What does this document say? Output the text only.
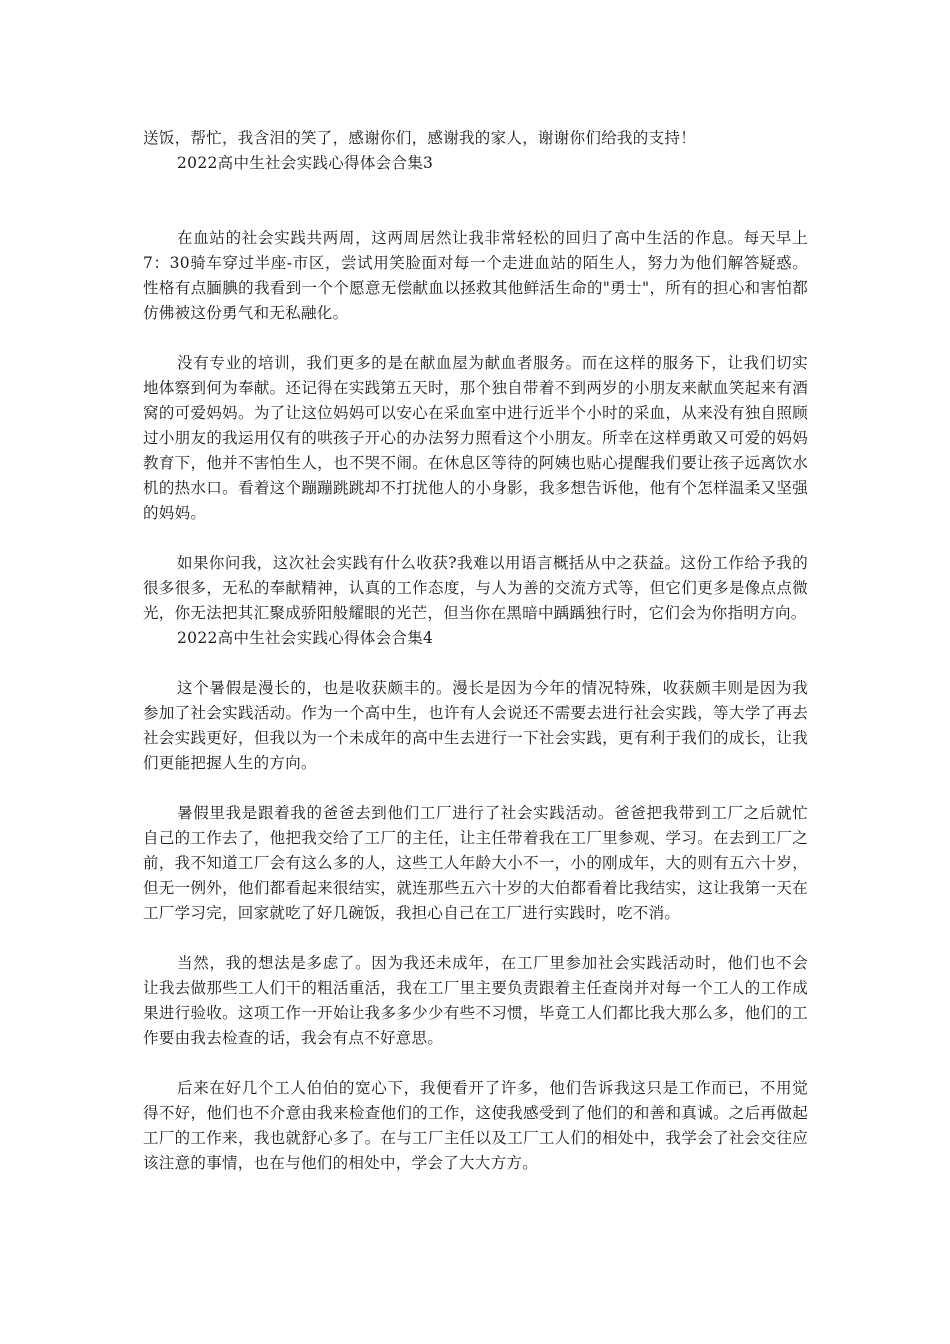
送饭，帮忙，我含泪的笑了，感谢你们，感谢我的家人，谢谢你们给我的支持！

2022高中生社会实践心得体会合集3

在血站的社会实践共两周，这两周居然让我非常轻松的回归了高中生活的作息。每天早上7：30骑车穿过半座-市区，尝试用笑脸面对每一个走进血站的陌生人，努力为他们解答疑惑。性格有点腼腆的我看到一个个愿意无偿献血以拯救其他鲜活生命的"勇士"，所有的担心和害怕都仿佛被这份勇气和无私融化。

没有专业的培训，我们更多的是在献血屋为献血者服务。而在这样的服务下，让我们切实地体察到何为奉献。还记得在实践第五天时，那个独自带着不到两岁的小朋友来献血笑起来有酒窝的可爱妈妈。为了让这位妈妈可以安心在采血室中进行近半个小时的采血，从来没有独自照顾过小朋友的我运用仅有的哄孩子开心的办法努力照看这个小朋友。所幸在这样勇敢又可爱的妈妈教育下，他并不害怕生人，也不哭不闹。在休息区等待的阿姨也贴心提醒我们要让孩子远离饮水机的热水口。看着这个蹦蹦跳跳却不打扰他人的小身影，我多想告诉他，他有个怎样温柔又坚强的妈妈。

如果你问我，这次社会实践有什么收获?我难以用语言概括从中之获益。这份工作给予我的很多很多，无私的奉献精神，认真的工作态度，与人为善的交流方式等，但它们更多是像点点微光，你无法把其汇聚成骄阳般耀眼的光芒，但当你在黑暗中踽踽独行时，它们会为你指明方向。

2022高中生社会实践心得体会合集4

这个暑假是漫长的，也是收获颇丰的。漫长是因为今年的情况特殊，收获颇丰则是因为我参加了社会实践活动。作为一个高中生，也许有人会说还不需要去进行社会实践，等大学了再去社会实践更好，但我以为一个未成年的高中生去进行一下社会实践，更有利于我们的成长，让我们更能把握人生的方向。

暑假里我是跟着我的爸爸去到他们工厂进行了社会实践活动。爸爸把我带到工厂之后就忙自己的工作去了，他把我交给了工厂的主任，让主任带着我在工厂里参观、学习。在去到工厂之前，我不知道工厂会有这么多的人，这些工人年龄大小不一，小的刚成年，大的则有五六十岁，但无一例外，他们都看起来很结实，就连那些五六十岁的大伯都看着比我结实，这让我第一天在工厂学习完，回家就吃了好几碗饭，我担心自己在工厂进行实践时，吃不消。

当然，我的想法是多虑了。因为我还未成年，在工厂里参加社会实践活动时，他们也不会让我去做那些工人们干的粗活重活，我在工厂里主要负责跟着主任查岗并对每一个工人的工作成果进行验收。这项工作一开始让我多多少少有些不习惯，毕竟工人们都比我大那么多，他们的工作要由我去检查的话，我会有点不好意思。

后来在好几个工人伯伯的宽心下，我便看开了许多，他们告诉我这只是工作而已，不用觉得不好，他们也不介意由我来检查他们的工作，这使我感受到了他们的和善和真诚。之后再做起工厂的工作来，我也就舒心多了。在与工厂主任以及工厂工人们的相处中，我学会了社会交往应该注意的事情，也在与他们的相处中，学会了大大方方。
